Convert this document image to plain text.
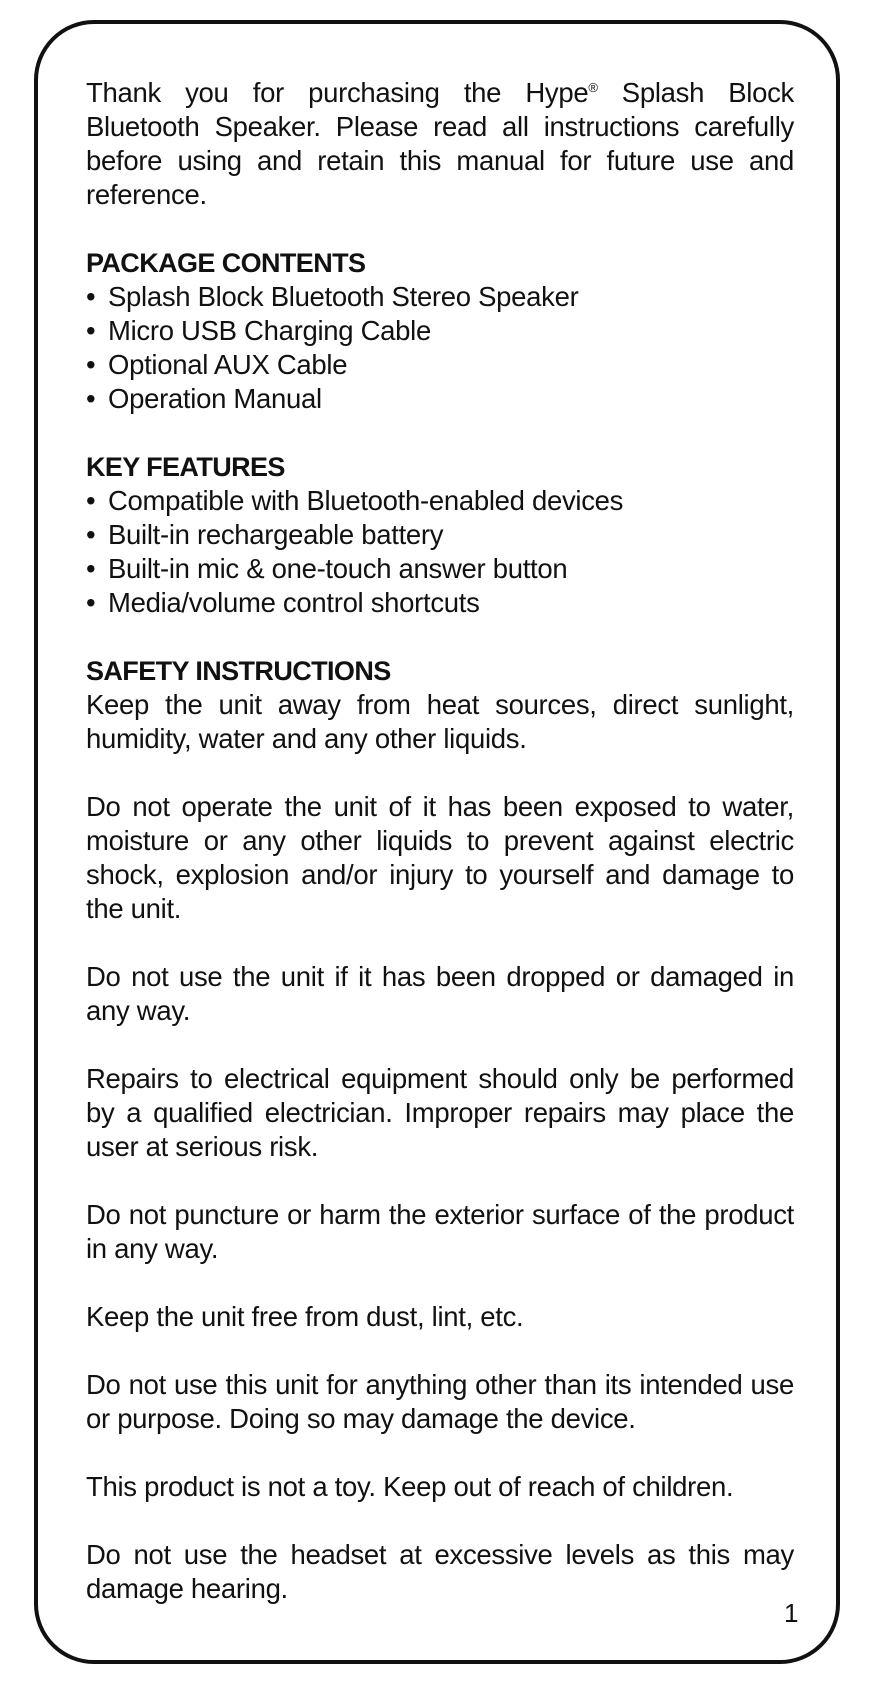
Thank you for purchasing the Hype® Splash Block Bluetooth Speaker. Please read all instructions carefully before using and retain this manual for future use and reference.

PACKAGE CONTENTS
• Splash Block Bluetooth Stereo Speaker
• Micro USB Charging Cable
• Optional AUX Cable
• Operation Manual
KEY FEATURES
• Compatible with Bluetooth-enabled devices
• Built-in rechargeable battery
• Built-in mic & one-touch answer button
• Media/volume control shortcuts
SAFETY INSTRUCTIONS

Keep the unit away from heat sources, direct sunlight, humidity, water and any other liquids.

Do not operate the unit of it has been exposed to water, moisture or any other liquids to prevent against electric shock, explosion and/or injury to yourself and damage to the unit.

Do not use the unit if it has been dropped or damaged in any way.

Repairs to electrical equipment should only be performed by a qualified electrician. Improper repairs may place the user at serious risk.

Do not puncture or harm the exterior surface of the product in any way.

Keep the unit free from dust, lint, etc.

Do not use this unit for anything other than its intended use or purpose. Doing so may damage the device.

This product is not a toy. Keep out of reach of children.

Do not use the headset at excessive levels as this may damage hearing.

1
